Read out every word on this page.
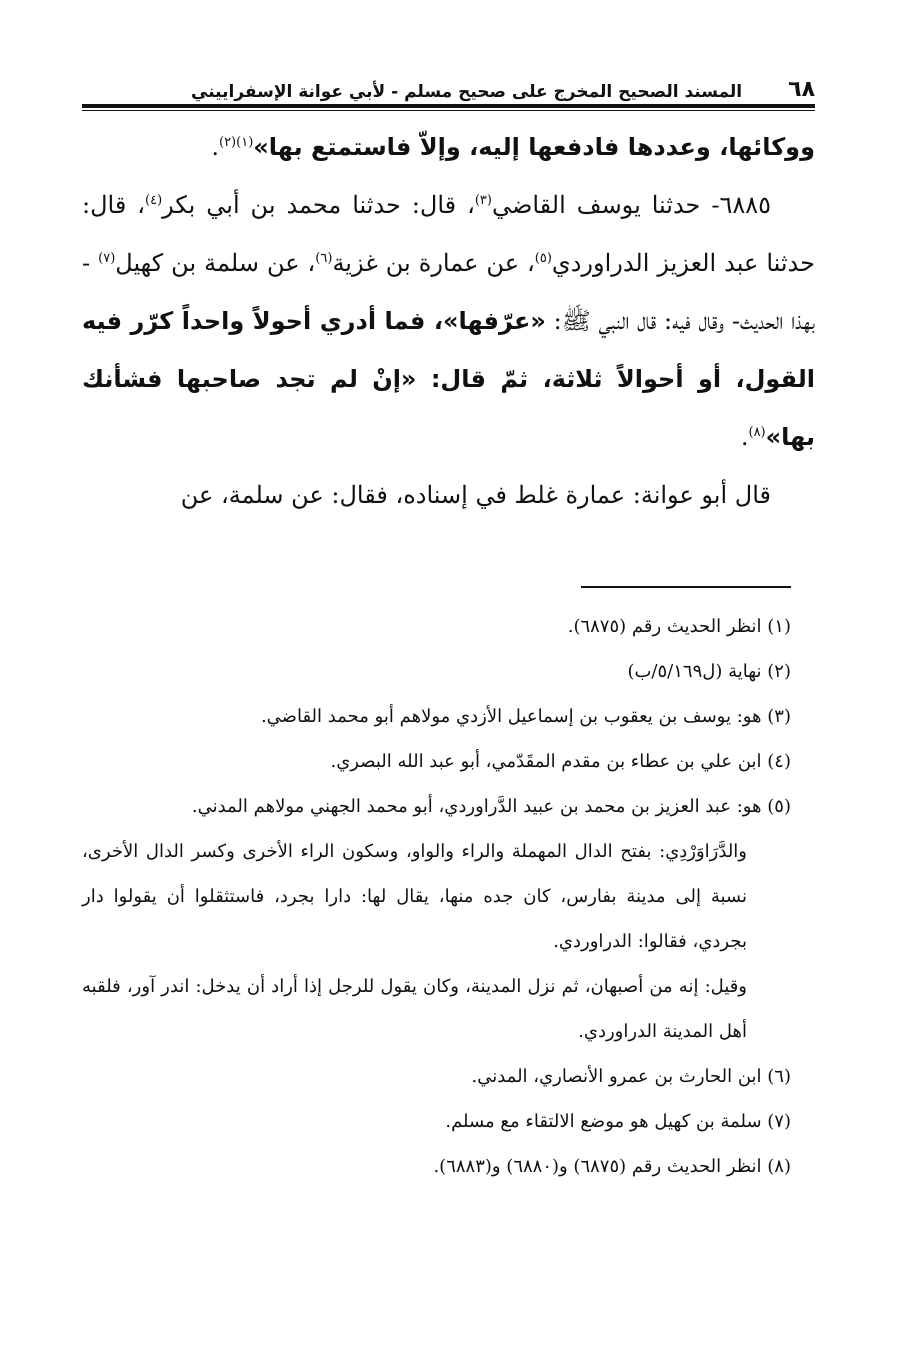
٦٨
المسند الصحيح المخرج على صحيح مسلم - لأبي عوانة الإسفراييني

ووكائها، وعددها فادفعها إليه، وإلاّ فاستمتع بها»$^{(١)(٢)}$.

٦٨٨٥- حدثنا يوسف القاضي$^{(٣)}$، قال: حدثنا محمد بن أبي بكر$^{(٤)}$، قال: حدثنا عبد العزيز الدراوردي$^{(٥)}$، عن عمارة بن غزية$^{(٦)}$، عن سلمة بن كهيل$^{(٧)}$ - بهذا الحديث- وقال فيه: قال النبي ﷺ: «عرّفها»، فما أدري أحولاً واحداً كرّر فيه القول، أو أحوالاً ثلاثة، ثمّ قال: «إنْ لم تجد صاحبها فشأنك بها»$^{(٨)}$.

قال أبو عوانة: عمارة غلط في إسناده، فقال: عن سلمة، عن

(١) انظر الحديث رقم (٦٨٧٥).

(٢) نهاية (ل٥/١٦٩/ب)

(٣) هو: يوسف بن يعقوب بن إسماعيل الأزدي مولاهم أبو محمد القاضي.

(٤) ابن علي بن عطاء بن مقدم المقَدّمي، أبو عبد الله البصري.

(٥) هو: عبد العزيز بن محمد بن عبيد الدَّراوردي، أبو محمد الجهني مولاهم المدني.

والدَّرَاوَرْدِي: بفتح الدال المهملة والراء والواو، وسكون الراء الأخرى وكسر الدال الأخرى، نسبة إلى مدينة بفارس، كان جده منها، يقال لها: دارا بجرد، فاستثقلوا أن يقولوا دار بجردي، فقالوا: الدراوردي.

وقيل: إنه من أصبهان، ثم نزل المدينة، وكان يقول للرجل إذا أراد أن يدخل: اندر آور، فلقبه أهل المدينة الدراوردي.

(٦) ابن الحارث بن عمرو الأنصاري، المدني.

(٧) سلمة بن كهيل هو موضع الالتقاء مع مسلم.

(٨) انظر الحديث رقم (٦٨٧٥) و(٦٨٨٠) و(٦٨٨٣).
